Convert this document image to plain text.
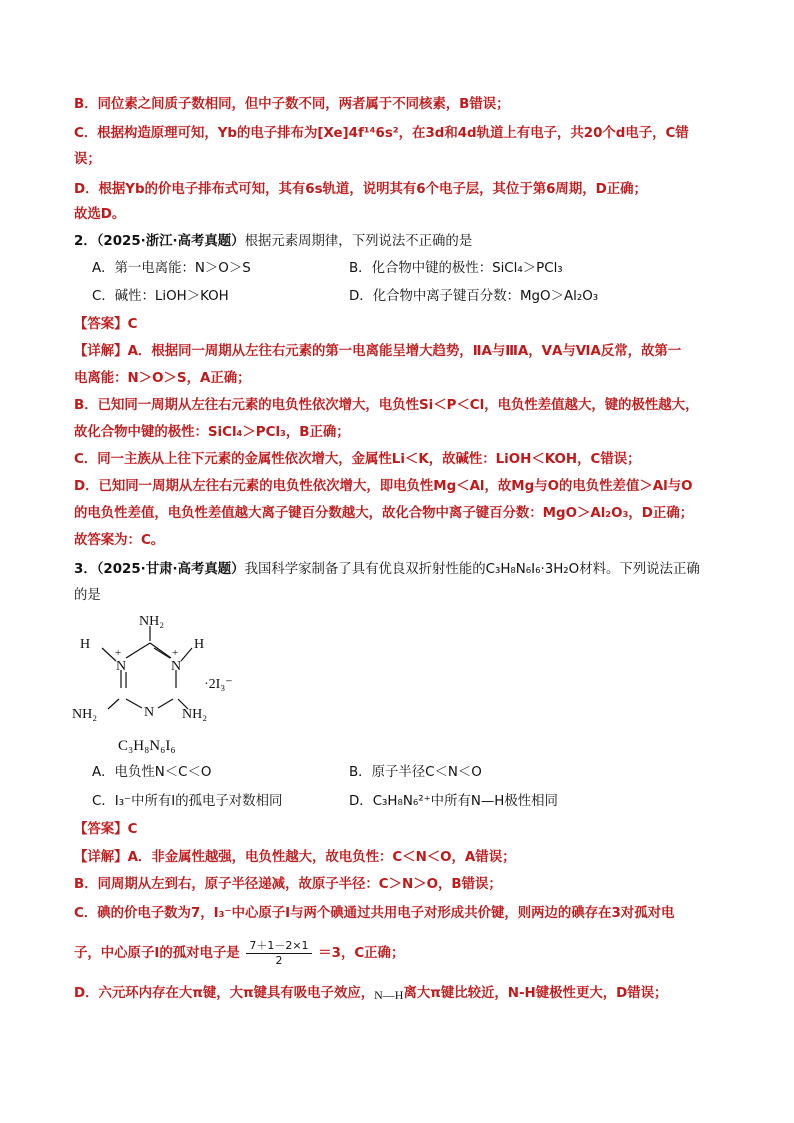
B．同位素之间质子数相同，但中子数不同，两者属于不同核素，B错误；
C．根据构造原理可知，Yb的电子排布为[Xe]4f¹⁴6s²，在3d和4d轨道上有电子，共20个d电子，C错
误；
D．根据Yb的价电子排布式可知，其有6s轨道，说明其有6个电子层，其位于第6周期，D正确；
故选D。
2．（2025·浙江·高考真题）根据元素周期律，下列说法不正确的是
A．第一电离能：N＞O＞S	B．化合物中键的极性：SiCl₄＞PCl₃
C．碱性：LiOH＞KOH	D．化合物中离子键百分数：MgO＞Al₂O₃
【答案】C
【详解】A．根据同一周期从左往右元素的第一电离能呈增大趋势，ⅡA与ⅢA，ⅤA与ⅥA反常，故第一
电离能：N＞O＞S，A正确；
B．已知同一周期从左往右元素的电负性依次增大，电负性Si＜P＜Cl，电负性差值越大，键的极性越大，
故化合物中键的极性：SiCl₄＞PCl₃，B正确；
C．同一主族从上往下元素的金属性依次增大，金属性Li＜K，故碱性：LiOH＜KOH，C错误；
D．已知同一周期从左往右元素的电负性依次增大，即电负性Mg＜Al，故Mg与O的电负性差值＞Al与O
的电负性差值，电负性差值越大离子键百分数越大，故化合物中离子键百分数：MgO＞Al₂O₃，D正确；
故答案为：C。
3．（2025·甘肃·高考真题）我国科学家制备了具有优良双折射性能的C₃H₈N₆I₆·3H₂O材料。下列说法正确
的是
NH₂
H	H
+	+
N	N
N
·2I₃⁻
NH₂	NH₂
C₃H₈N₆I₆
A．电负性N＜C＜O	B．原子半径C＜N＜O
C．I₃⁻中所有I的孤电子对数相同	D．C₃H₈N₆²⁺中所有N—H极性相同
【答案】C
【详解】A．非金属性越强，电负性越大，故电负性：C＜N＜O，A错误；
B．同周期从左到右，原子半径递减，故原子半径：C＞N＞O，B错误；
C．碘的价电子数为7，I₃⁻中心原子I与两个碘通过共用电子对形成共价键，则两边的碘存在3对孤对电
子，中心原子I的孤对电子是 $\frac{7+1-2\times 1}{2} =3$，C正确；
D．六元环内存在大π键，大π键具有吸电子效应，N—H离大π键比较近，N-H键极性更大，D错误；
